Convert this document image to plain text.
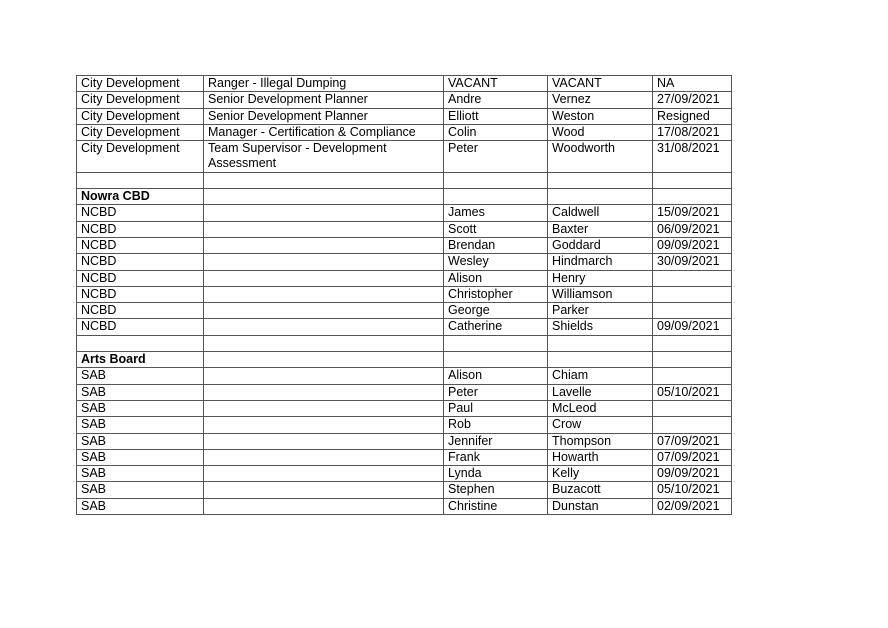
City Development	Ranger - Illegal Dumping	VACANT	VACANT	NA
City Development	Senior Development Planner	Andre	Vernez	27/09/2021
City Development	Senior Development Planner	Elliott	Weston	Resigned
City Development	Manager - Certification & Compliance	Colin	Wood	17/08/2021
City Development	Team Supervisor - Development Assessment	Peter	Woodworth	31/08/2021

Nowra CBD				
NCBD		James	Caldwell	15/09/2021
NCBD		Scott	Baxter	06/09/2021
NCBD		Brendan	Goddard	09/09/2021
NCBD		Wesley	Hindmarch	30/09/2021
NCBD		Alison	Henry	
NCBD		Christopher	Williamson	
NCBD		George	Parker	
NCBD		Catherine	Shields	09/09/2021

Arts Board				
SAB		Alison	Chiam	
SAB		Peter	Lavelle	05/10/2021
SAB		Paul	McLeod	
SAB		Rob	Crow	
SAB		Jennifer	Thompson	07/09/2021
SAB		Frank	Howarth	07/09/2021
SAB		Lynda	Kelly	09/09/2021
SAB		Stephen	Buzacott	05/10/2021
SAB		Christine	Dunstan	02/09/2021
